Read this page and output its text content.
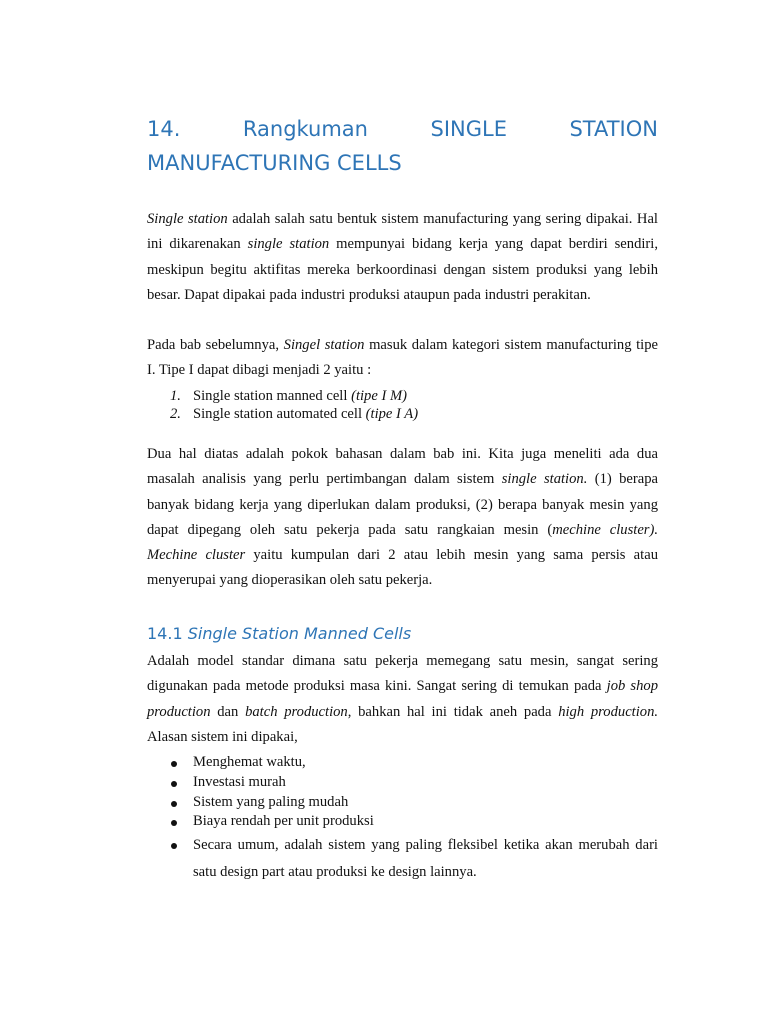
14.	Rangkuman	SINGLE	STATION
MANUFACTURING CELLS
Single station adalah salah satu bentuk sistem manufacturing yang sering dipakai. Hal ini dikarenakan single station mempunyai bidang kerja yang dapat berdiri sendiri, meskipun begitu aktifitas mereka berkoordinasi dengan sistem produksi yang lebih besar. Dapat dipakai pada industri produksi ataupun pada industri perakitan.
Pada bab sebelumnya, Singel station masuk dalam kategori sistem manufacturing tipe I. Tipe I dapat dibagi menjadi 2 yaitu :
1. Single station manned cell (tipe I M)
2. Single station automated cell (tipe I A)
Dua hal diatas adalah pokok bahasan dalam bab ini. Kita juga meneliti ada dua masalah analisis yang perlu pertimbangan dalam sistem single station. (1) berapa banyak bidang kerja yang diperlukan dalam produksi, (2) berapa banyak mesin yang dapat dipegang oleh satu pekerja pada satu rangkaian mesin (mechine cluster). Mechine cluster yaitu kumpulan dari 2 atau lebih mesin yang sama persis atau menyerupai yang dioperasikan oleh satu pekerja.
14.1 Single Station Manned Cells
Adalah model standar dimana satu pekerja memegang satu mesin, sangat sering digunakan pada metode produksi masa kini. Sangat sering di temukan pada job shop production dan batch production, bahkan hal ini tidak aneh pada high production. Alasan sistem ini dipakai,
Menghemat waktu,
Investasi murah
Sistem yang paling mudah
Biaya rendah per unit produksi
Secara umum, adalah sistem yang paling fleksibel ketika akan merubah dari satu design part atau produksi ke design lainnya.
